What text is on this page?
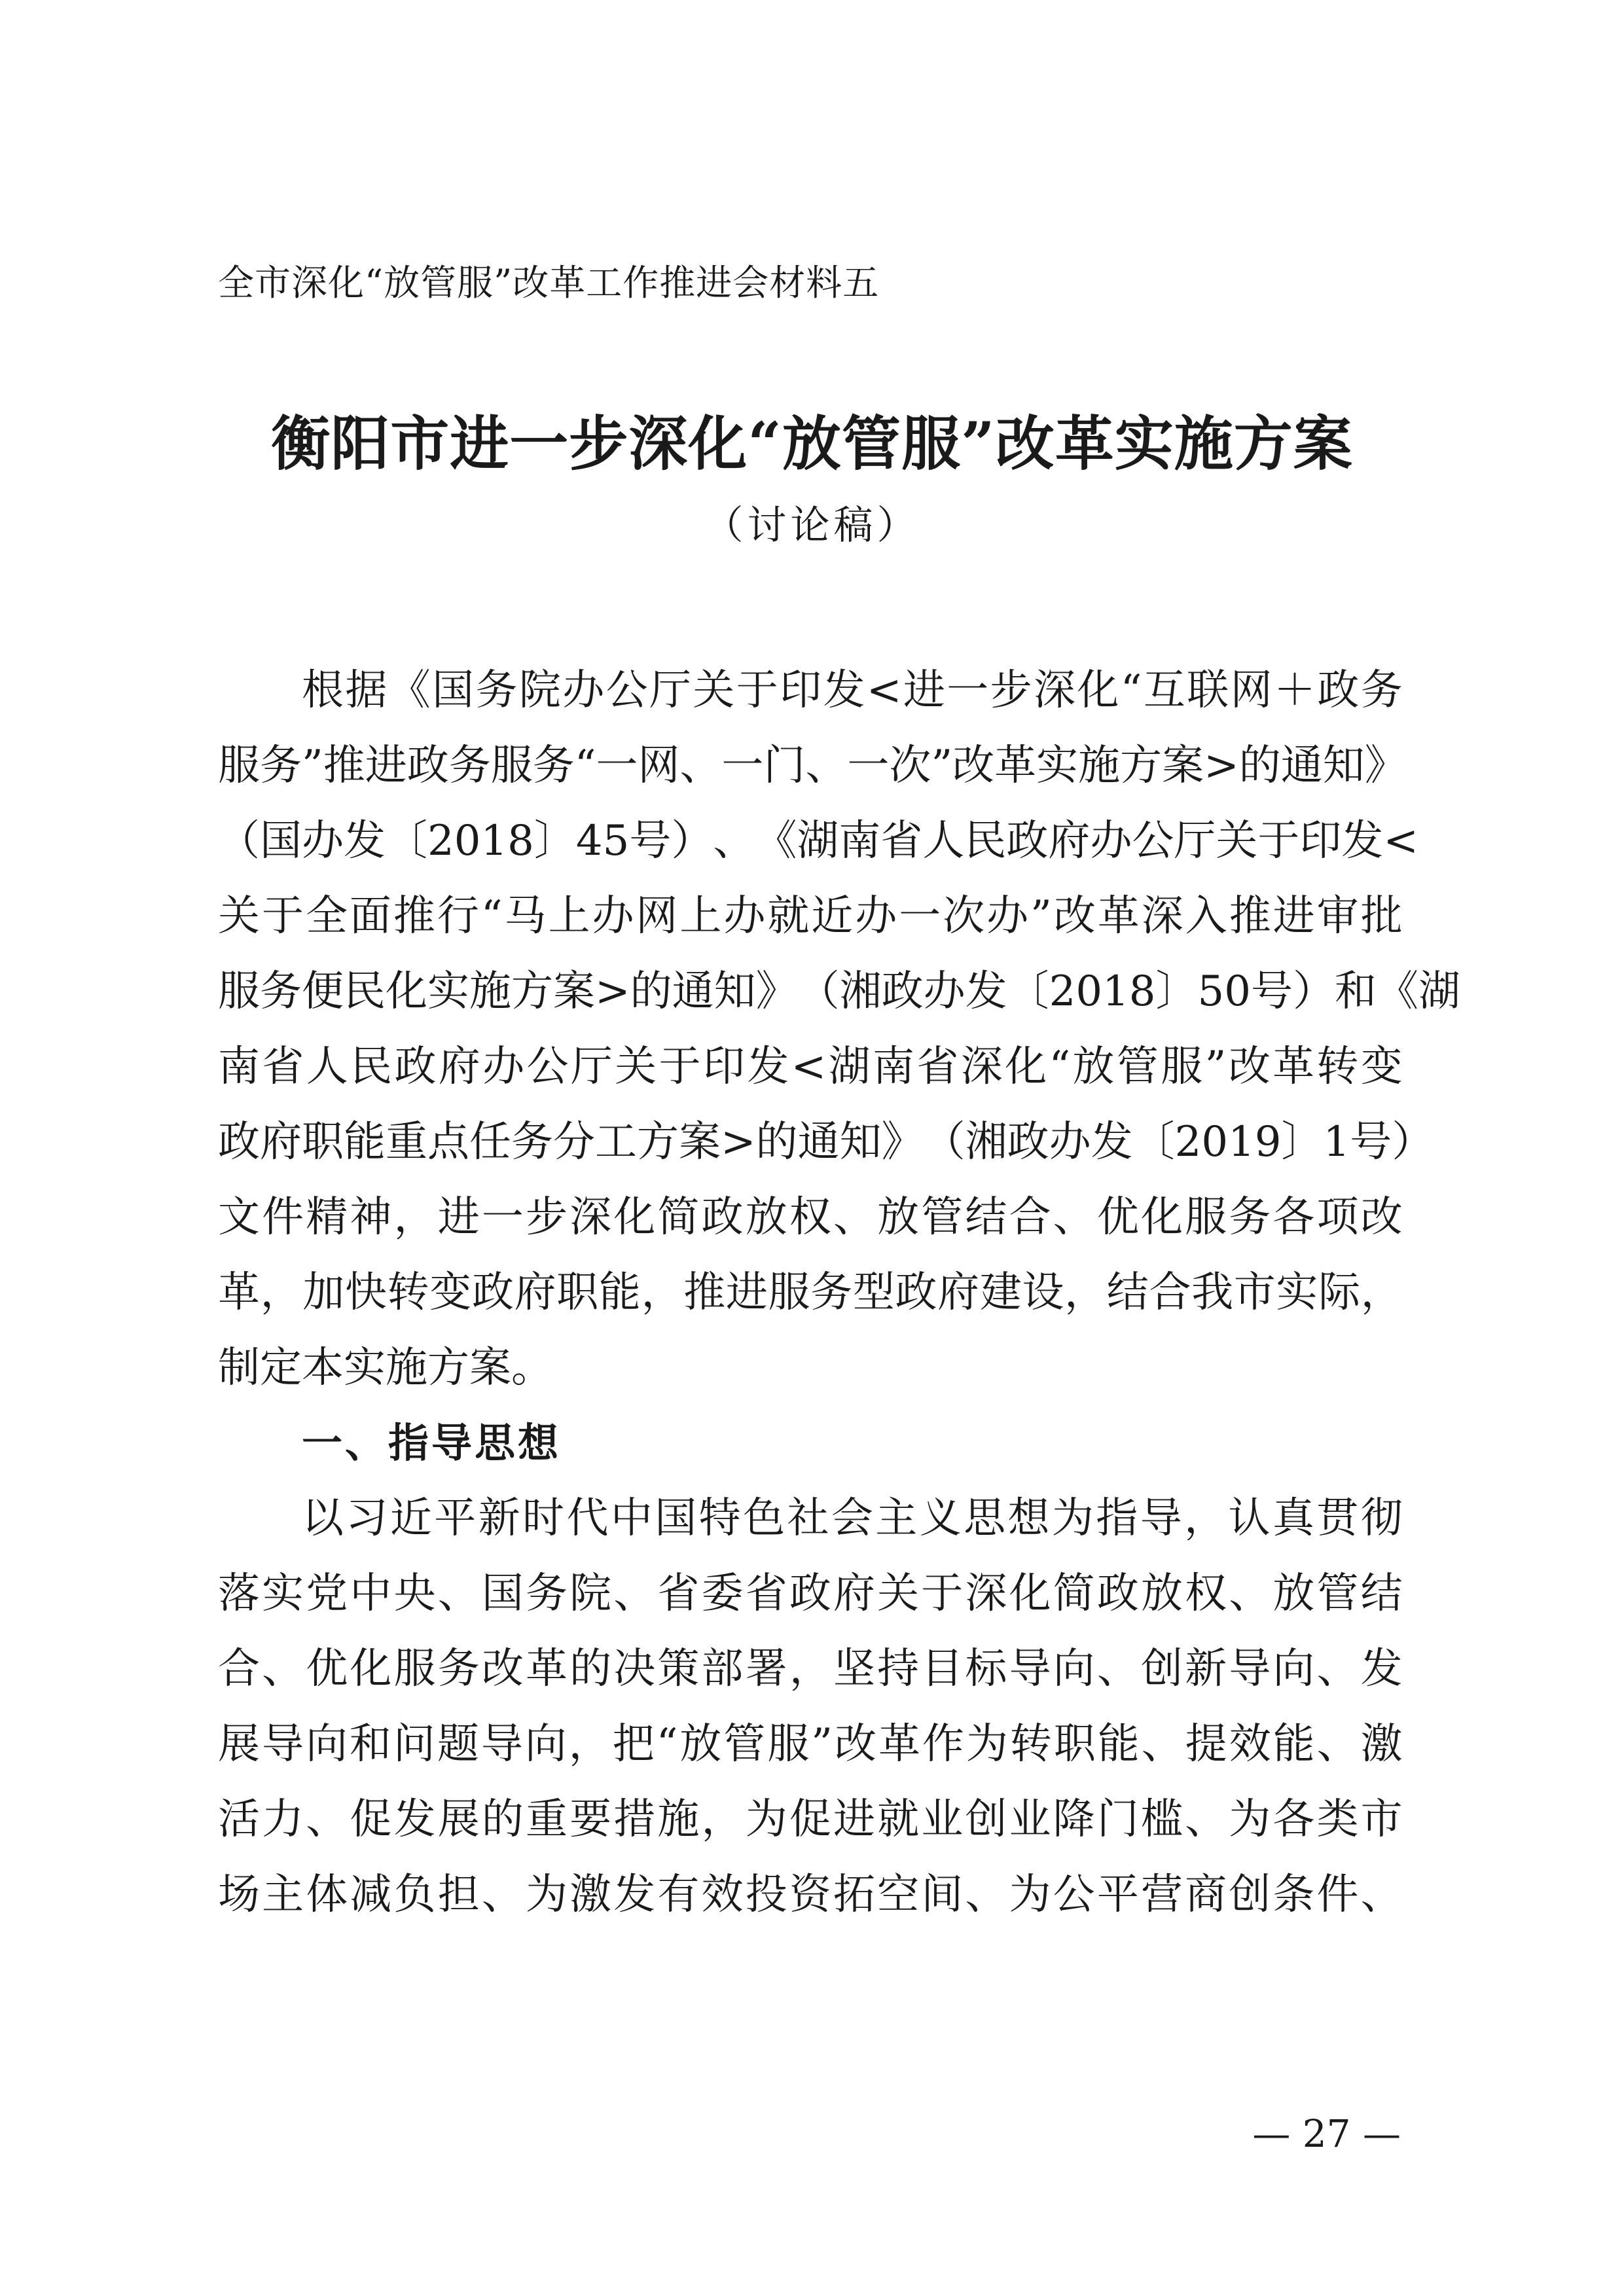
全市深化“放管服”改革工作推进会材料五
衡阳市进一步深化“放管服”改革实施方案
（讨论稿）
根 据 《 国 务 院 办 公 厅 关 于 印 发 < 进 一 步 深 化 “ 互 联 网 ＋ 政 务
服 务 ” 推 进 政 务 服 务 “ 一 网 、 一 门 、 一 次 ” 改 革 实 施 方 案 > 的 通 知 》
（ 国 办 发 〔 2018 〕 45 号 ） 、 《 湖 南 省 人 民 政 府 办 公 厅 关 于 印 发 <
关 于 全 面 推 行 “ 马 上 办 网 上 办 就 近 办 一 次 办 ” 改 革 深 入 推 进 审 批
服 务 便 民 化 实 施 方 案 > 的 通 知 》 （ 湘 政 办 发 〔 2018 〕 50 号 ） 和 《 湖
南 省 人 民 政 府 办 公 厅 关 于 印 发 < 湖 南 省 深 化 “ 放 管 服 ” 改 革 转 变
政 府 职 能 重 点 任 务 分 工 方 案 > 的 通 知 》 （ 湘 政 办 发 〔 2019 〕 1 号 ）
文 件 精 神 ， 进 一 步 深 化 简 政 放 权 、 放 管 结 合 、 优 化 服 务 各 项 改
革 ， 加 快 转 变 政 府 职 能 ， 推 进 服 务 型 政 府 建 设 ， 结 合 我 市 实 际 ，
制定本实施方案。
一、指导思想
以 习 近 平 新 时 代 中 国 特 色 社 会 主 义 思 想 为 指 导 ， 认 真 贯 彻
落 实 党 中 央 、 国 务 院 、 省 委 省 政 府 关 于 深 化 简 政 放 权 、 放 管 结
合 、 优 化 服 务 改 革 的 决 策 部 署 ， 坚 持 目 标 导 向 、 创 新 导 向 、 发
展 导 向 和 问 题 导 向 ， 把 “ 放 管 服 ” 改 革 作 为 转 职 能 、 提 效 能 、 激
活 力 、 促 发 展 的 重 要 措 施 ， 为 促 进 就 业 创 业 降 门 槛 、 为 各 类 市
场 主 体 减 负 担 、 为 激 发 有 效 投 资 拓 空 间 、 为 公 平 营 商 创 条 件 、
— 27 —
